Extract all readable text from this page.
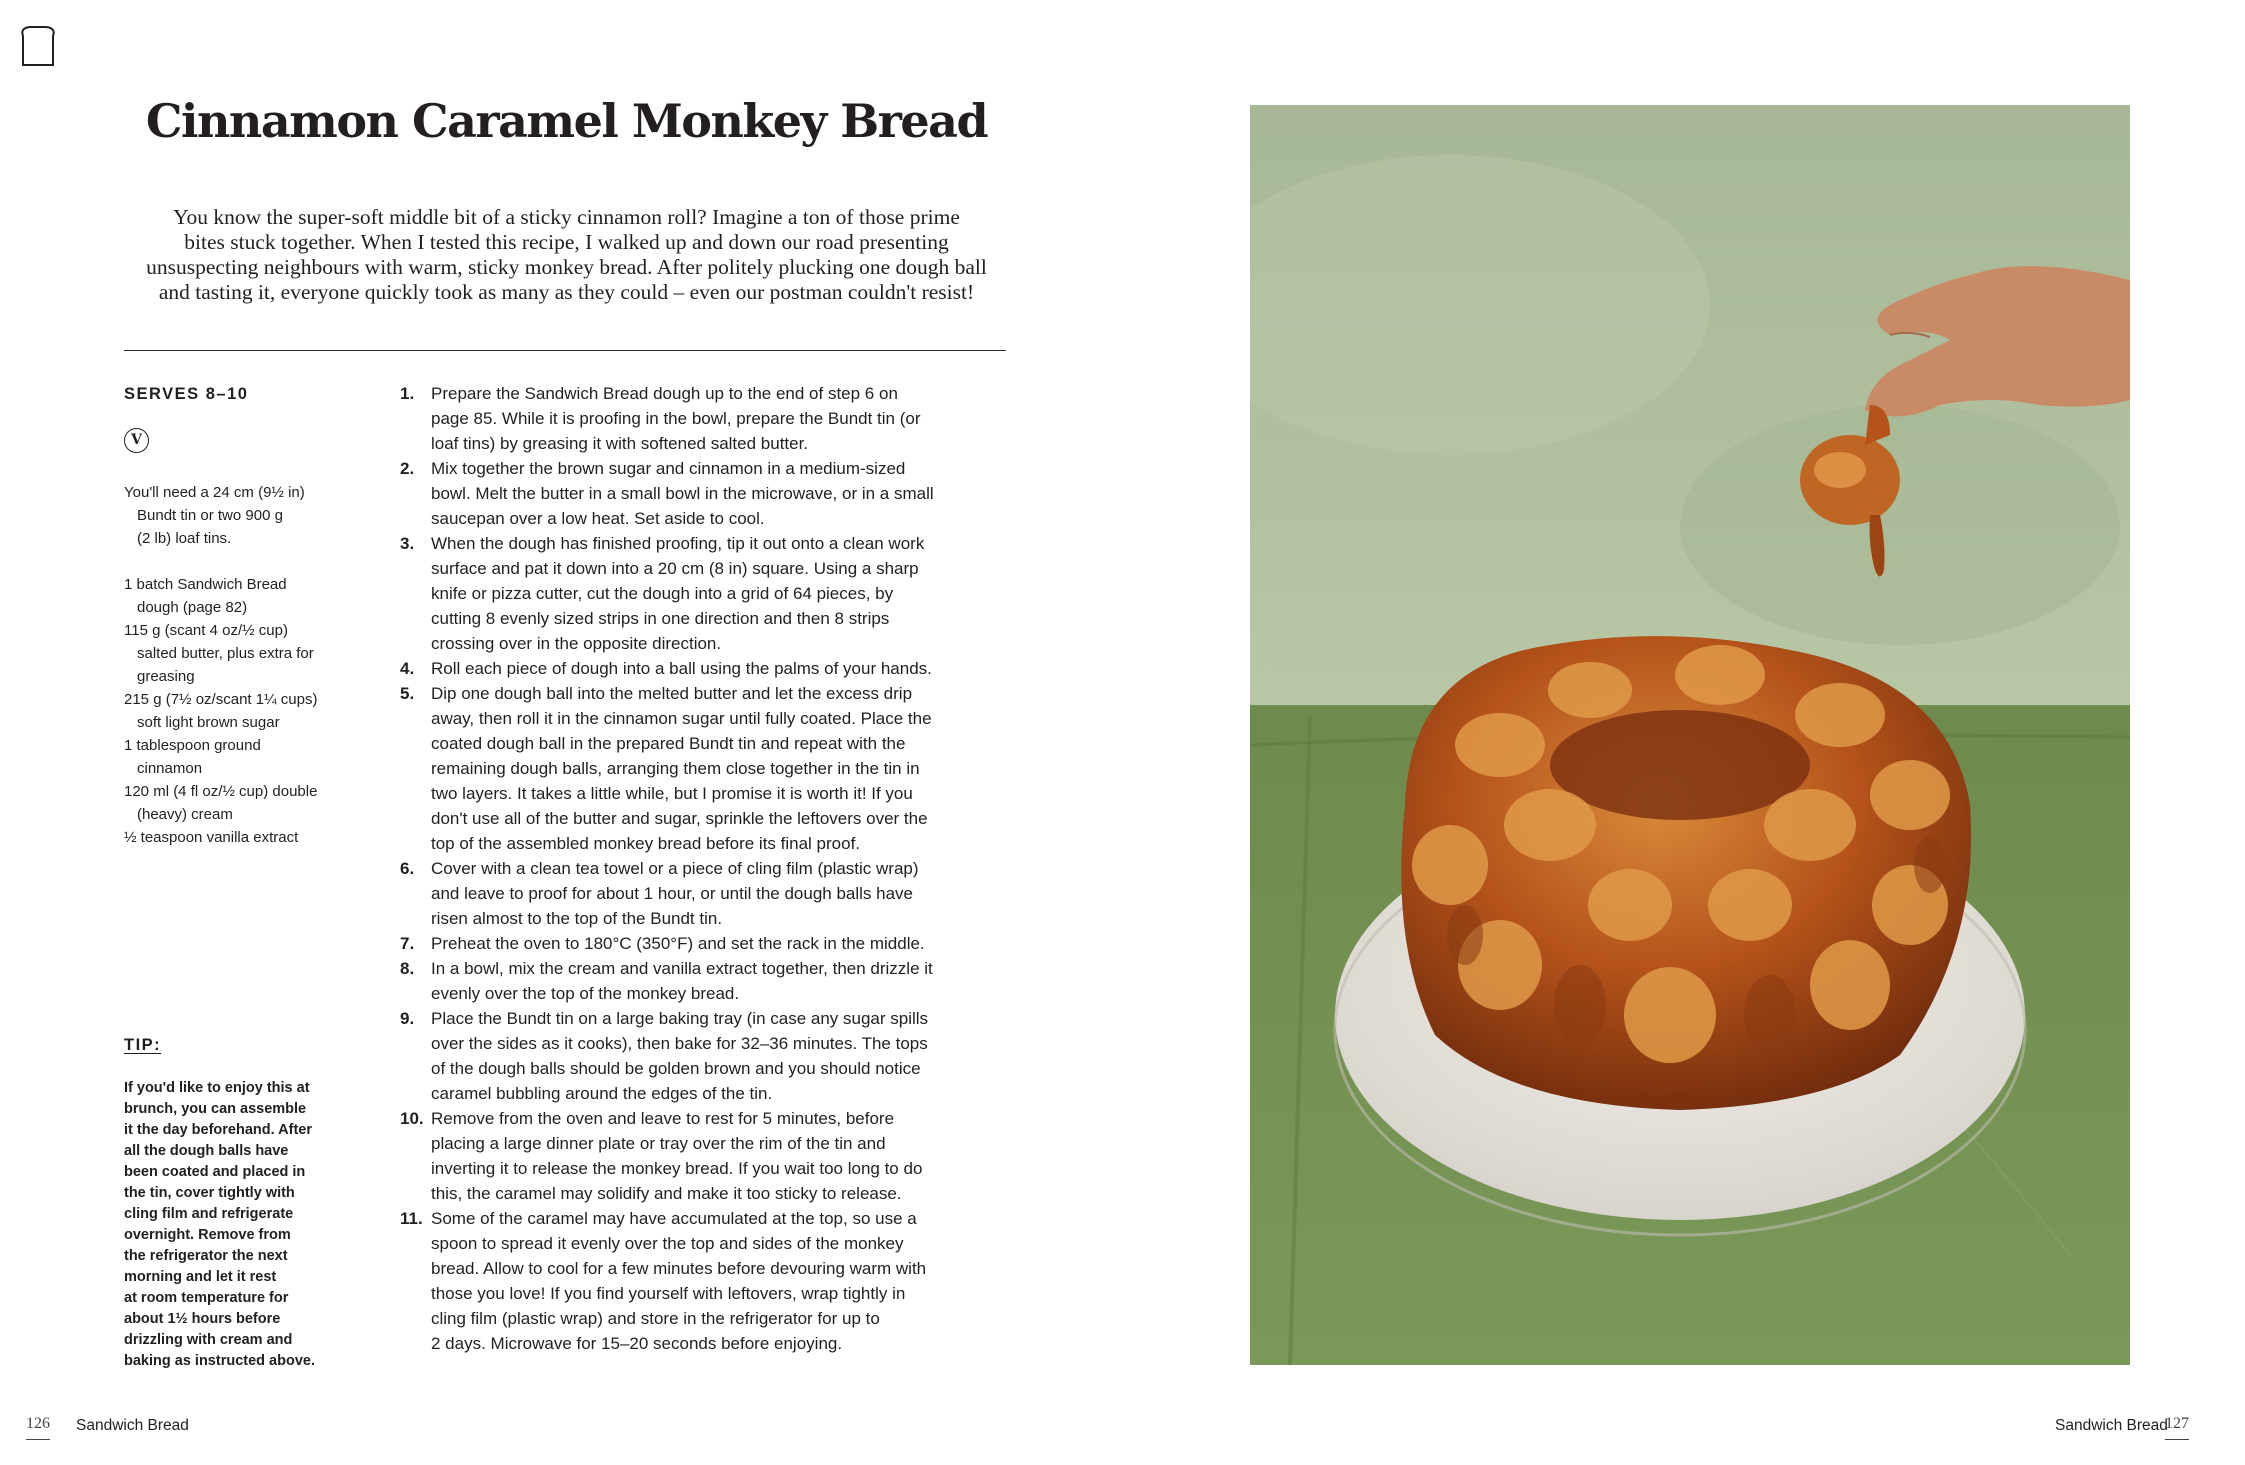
Cinnamon Caramel Monkey Bread
You know the super-soft middle bit of a sticky cinnamon roll? Imagine a ton of those prime
bites stuck together. When I tested this recipe, I walked up and down our road presenting
unsuspecting neighbours with warm, sticky monkey bread. After politely plucking one dough ball
and tasting it, everyone quickly took as many as they could – even our postman couldn't resist!
SERVES 8–10
V
You'll need a 24 cm (9½ in)
Bundt tin or two 900 g
(2 lb) loaf tins.
1 batch Sandwich Bread
dough (page 82)
115 g (scant 4 oz/½ cup)
salted butter, plus extra for
greasing
215 g (7½ oz/scant 1¼ cups)
soft light brown sugar
1 tablespoon ground
cinnamon
120 ml (4 fl oz/½ cup) double
(heavy) cream
½ teaspoon vanilla extract
TIP:
If you'd like to enjoy this at
brunch, you can assemble
it the day beforehand. After
all the dough balls have
been coated and placed in
the tin, cover tightly with
cling film and refrigerate
overnight. Remove from
the refrigerator the next
morning and let it rest
at room temperature for
about 1½ hours before
drizzling with cream and
baking as instructed above.
1. Prepare the Sandwich Bread dough up to the end of step 6 on
page 85. While it is proofing in the bowl, prepare the Bundt tin (or
loaf tins) by greasing it with softened salted butter.
2. Mix together the brown sugar and cinnamon in a medium-sized
bowl. Melt the butter in a small bowl in the microwave, or in a small
saucepan over a low heat. Set aside to cool.
3. When the dough has finished proofing, tip it out onto a clean work
surface and pat it down into a 20 cm (8 in) square. Using a sharp
knife or pizza cutter, cut the dough into a grid of 64 pieces, by
cutting 8 evenly sized strips in one direction and then 8 strips
crossing over in the opposite direction.
4. Roll each piece of dough into a ball using the palms of your hands.
5. Dip one dough ball into the melted butter and let the excess drip
away, then roll it in the cinnamon sugar until fully coated. Place the
coated dough ball in the prepared Bundt tin and repeat with the
remaining dough balls, arranging them close together in the tin in
two layers. It takes a little while, but I promise it is worth it! If you
don't use all of the butter and sugar, sprinkle the leftovers over the
top of the assembled monkey bread before its final proof.
6. Cover with a clean tea towel or a piece of cling film (plastic wrap)
and leave to proof for about 1 hour, or until the dough balls have
risen almost to the top of the Bundt tin.
7. Preheat the oven to 180°C (350°F) and set the rack in the middle.
8. In a bowl, mix the cream and vanilla extract together, then drizzle it
evenly over the top of the monkey bread.
9. Place the Bundt tin on a large baking tray (in case any sugar spills
over the sides as it cooks), then bake for 32–36 minutes. The tops
of the dough balls should be golden brown and you should notice
caramel bubbling around the edges of the tin.
10. Remove from the oven and leave to rest for 5 minutes, before
placing a large dinner plate or tray over the rim of the tin and
inverting it to release the monkey bread. If you wait too long to do
this, the caramel may solidify and make it too sticky to release.
11. Some of the caramel may have accumulated at the top, so use a
spoon to spread it evenly over the top and sides of the monkey
bread. Allow to cool for a few minutes before devouring warm with
those you love! If you find yourself with leftovers, wrap tightly in
cling film (plastic wrap) and store in the refrigerator for up to
2 days. Microwave for 15–20 seconds before enjoying.
126 Sandwich Bread	Sandwich Bread
127
